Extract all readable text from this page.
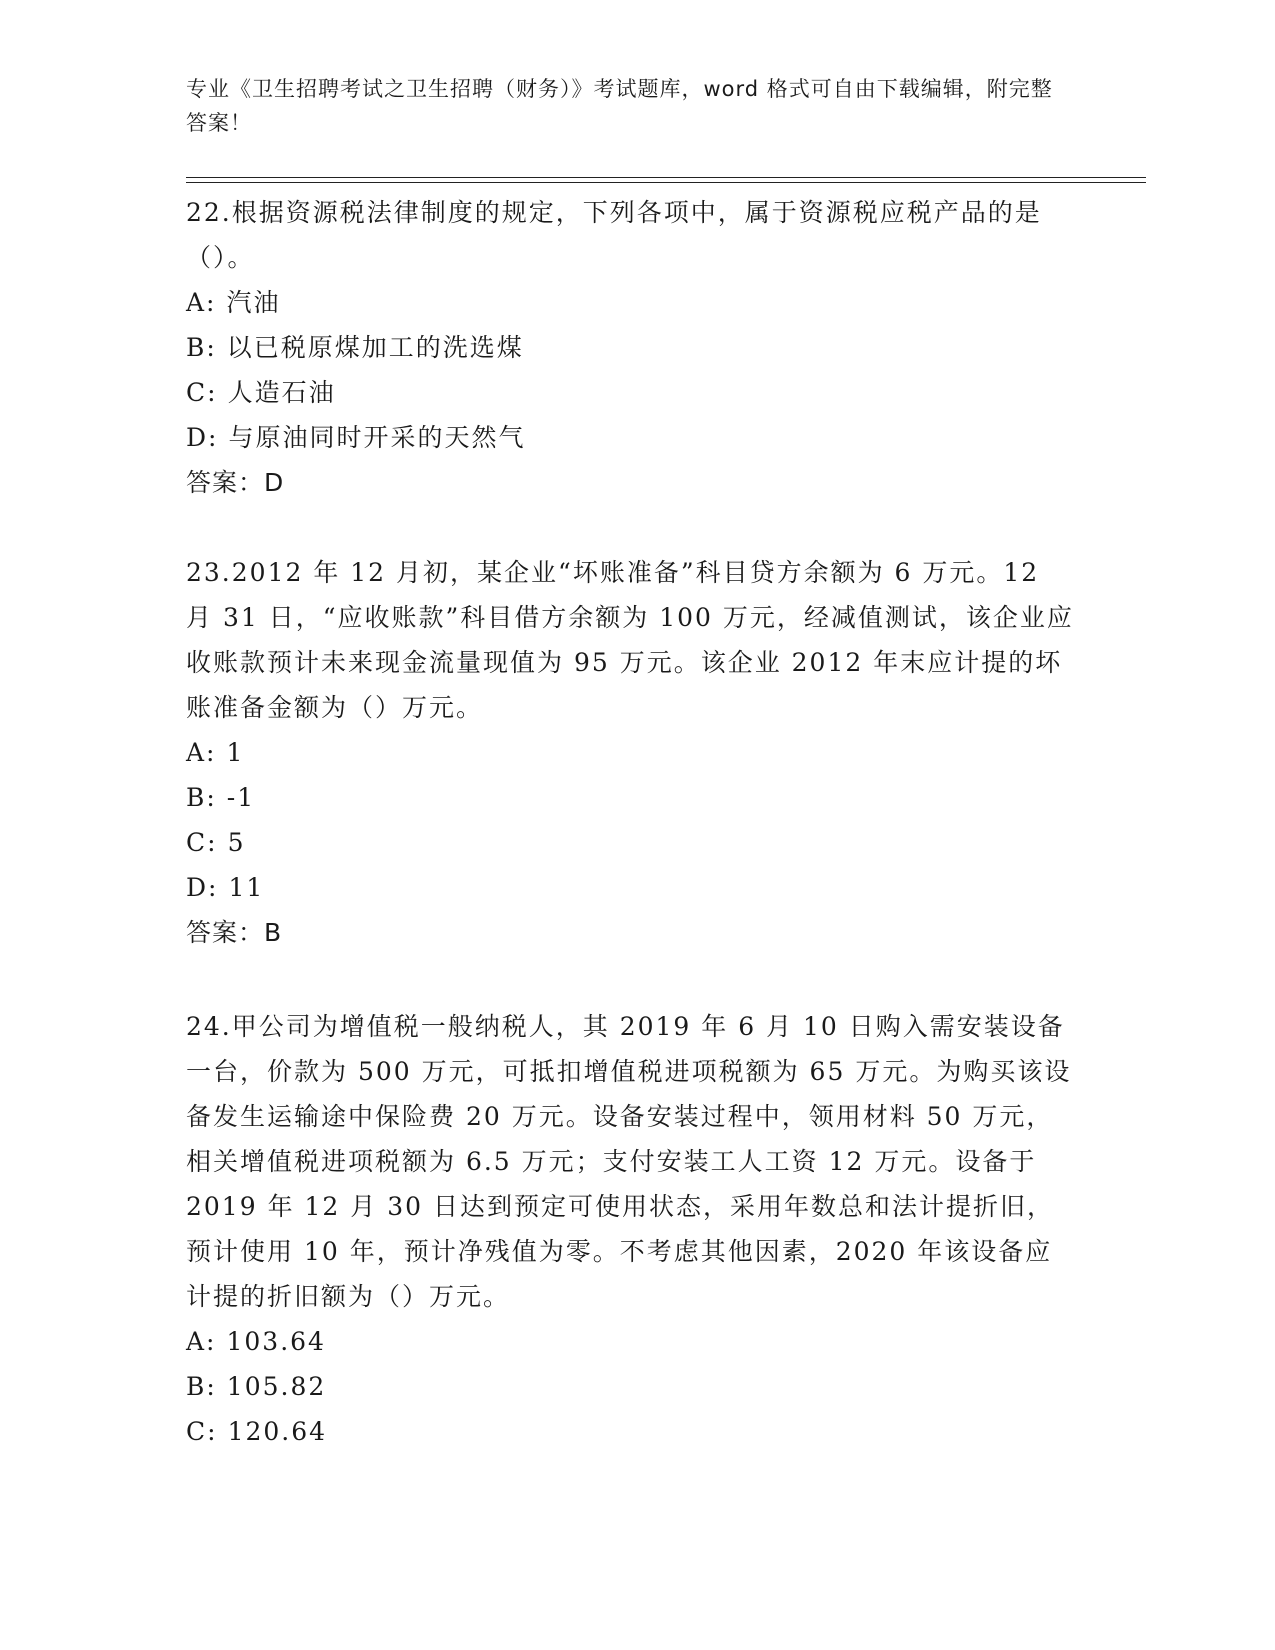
专业《卫生招聘考试之卫生招聘（财务）》考试题库，word 格式可自由下载编辑，附完整答案！

22.根据资源税法律制度的规定，下列各项中，属于资源税应税产品的是（）。

A: 汽油

B: 以已税原煤加工的洗选煤

C: 人造石油

D: 与原油同时开采的天然气

答案：D

23.2012 年 12 月初，某企业“坏账准备”科目贷方余额为 6 万元。12 月 31 日，“应收账款”科目借方余额为 100 万元，经减值测试，该企业应收账款预计未来现金流量现值为 95 万元。该企业 2012 年末应计提的坏账准备金额为（）万元。

A: 1

B: -1

C: 5

D: 11

答案：B

24.甲公司为增值税一般纳税人，其 2019 年 6 月 10 日购入需安装设备一台，价款为 500 万元，可抵扣增值税进项税额为 65 万元。为购买该设备发生运输途中保险费 20 万元。设备安装过程中，领用材料 50 万元，相关增值税进项税额为 6.5 万元；支付安装工人工资 12 万元。设备于 2019 年 12 月 30 日达到预定可使用状态，采用年数总和法计提折旧，预计使用 10 年，预计净残值为零。不考虑其他因素，2020 年该设备应计提的折旧额为（）万元。

A: 103.64

B: 105.82

C: 120.64
